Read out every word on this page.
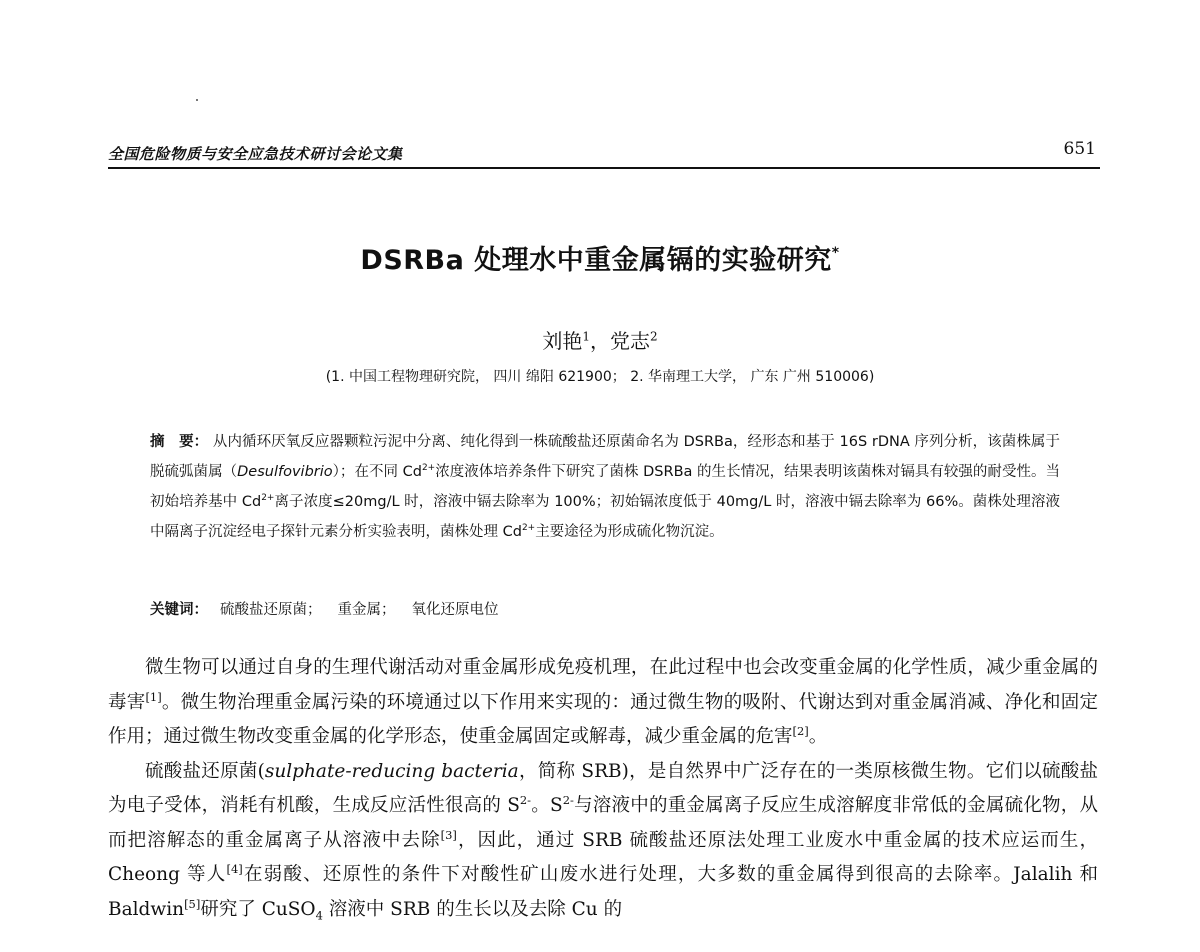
全国危险物质与安全应急技术研讨会论文集	651
DSRBa 处理水中重金属镉的实验研究*
刘艳$^1$，党志$^2$
(1. 中国工程物理研究院， 四川 绵阳 621900； 2. 华南理工大学， 广东 广州 510006)
摘　要： 从内循环厌氧反应器颗粒污泥中分离、纯化得到一株硫酸盐还原菌命名为 DSRBa，经形态和基于 16S rDNA 序列分析，该菌株属于脱硫弧菌属（Desulfovibrio）；在不同 $Cd^{2+}$浓度液体培养条件下研究了菌株 DSRBa 的生长情况，结果表明该菌株对镉具有较强的耐受性。当初始培养基中 $Cd^{2+}$离子浓度≤20mg/L 时，溶液中镉去除率为 100%；初始镉浓度低于 40mg/L 时，溶液中镉去除率为 66%。菌株处理溶液中隔离子沉淀经电子探针元素分析实验表明，菌株处理 $Cd^{2+}$主要途径为形成硫化物沉淀。
关键词： 硫酸盐还原菌； 重金属； 氧化还原电位

微生物可以通过自身的生理代谢活动对重金属形成免疫机理，在此过程中也会改变重金属的化学性质，减少重金属的毒害[1]。微生物治理重金属污染的环境通过以下作用来实现的：通过微生物的吸附、代谢达到对重金属消减、净化和固定作用；通过微生物改变重金属的化学形态，使重金属固定或解毒，减少重金属的危害[2]。

硫酸盐还原菌(sulphate-reducing bacteria，简称 SRB)，是自然界中广泛存在的一类原核微生物。它们以硫酸盐为电子受体，消耗有机酸，生成反应活性很高的 $S^{2-}$。$S^{2-}$与溶液中的重金属离子反应生成溶解度非常低的金属硫化物，从而把溶解态的重金属离子从溶液中去除[3]，因此，通过 SRB 硫酸盐还原法处理工业废水中重金属的技术应运而生，Cheong 等人[4]在弱酸、还原性的条件下对酸性矿山废水进行处理，大多数的重金属得到很高的去除率。Jalalih 和 Baldwin[5]研究了 CuSO$_4$ 溶液中 SRB 的生长以及去除 Cu 的
